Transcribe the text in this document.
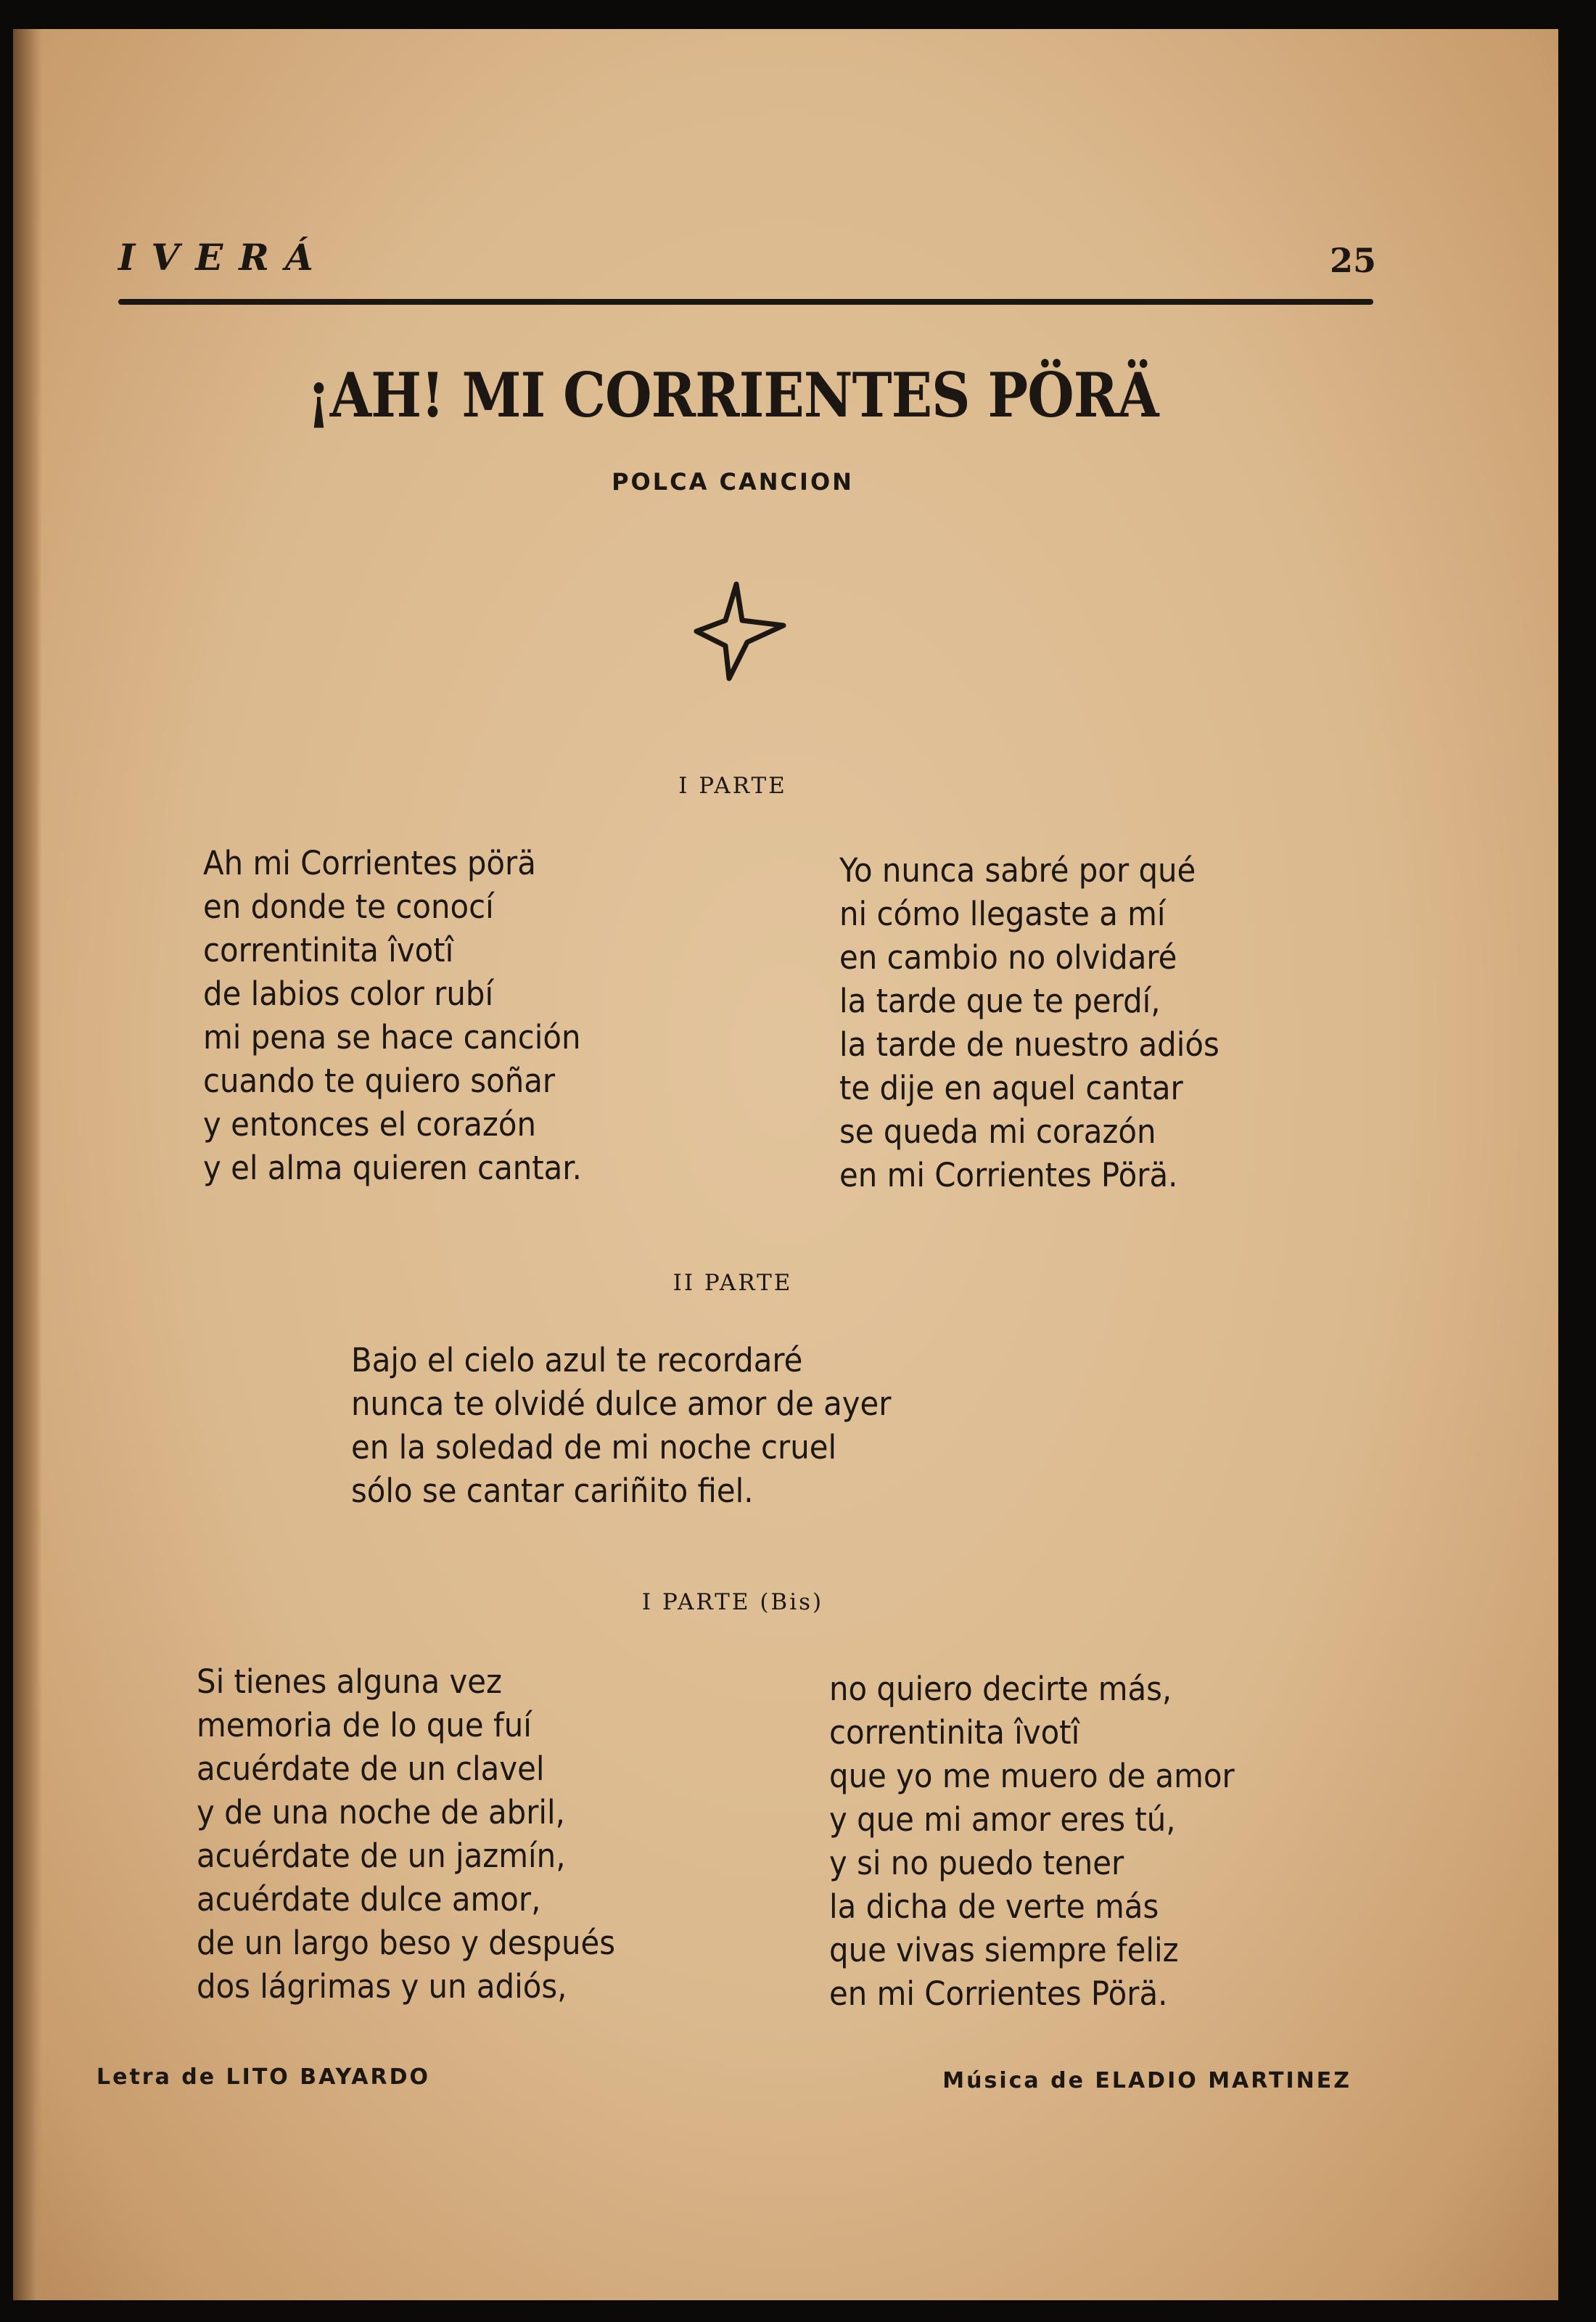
IVERÁ	25
¡AH! MI CORRIENTES PÖRÄ
POLCA CANCION
I PARTE
Ah mi Corrientes pörä
en donde te conocí
correntinita îvotî
de labios color rubí
mi pena se hace canción
cuando te quiero soñar
y entonces el corazón
y el alma quieren cantar.
Yo nunca sabré por qué
ni cómo llegaste a mí
en cambio no olvidaré
la tarde que te perdí,
la tarde de nuestro adiós
te dije en aquel cantar
se queda mi corazón
en mi Corrientes Pörä.
II PARTE
Bajo el cielo azul te recordaré
nunca te olvidé dulce amor de ayer
en la soledad de mi noche cruel
sólo se cantar cariñito fiel.
I PARTE (Bis)
Si tienes alguna vez
memoria de lo que fuí
acuérdate de un clavel
y de una noche de abril,
acuérdate de un jazmín,
acuérdate dulce amor,
de un largo beso y después
dos lágrimas y un adiós,
no quiero decirte más,
correntinita îvotî
que yo me muero de amor
y que mi amor eres tú,
y si no puedo tener
la dicha de verte más
que vivas siempre feliz
en mi Corrientes Pörä.
Letra de LITO BAYARDO	Música de ELADIO MARTINEZ
